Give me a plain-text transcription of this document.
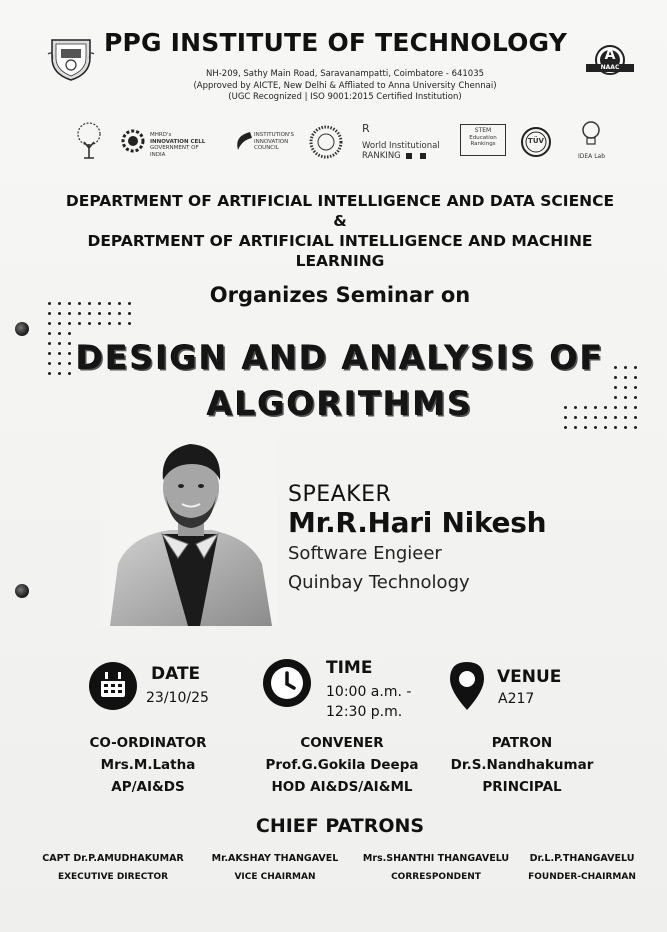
PPG INSTITUTE OF TECHNOLOGY
NH-209, Sathy Main Road, Saravanampatti, Coimbatore - 641035
(Approved by AICTE, New Delhi & Affliated to Anna University Chennai)
(UGC Recognized | ISO 9001:2015 Certified Institution)
A
NAAC
MHRD's
INNOVATION CELL
GOVERNMENT OF INDIA
INSTITUTION'S
INNOVATION
COUNCIL
R
World Institutional
RANKING
STEM
Education
Rankings	TÜV
IDEA Lab
DEPARTMENT OF ARTIFICIAL INTELLIGENCE AND DATA SCIENCE
&
DEPARTMENT OF ARTIFICIAL INTELLIGENCE AND MACHINE
LEARNING
Organizes Seminar on
DESIGN AND ANALYSIS OF
ALGORITHMS
SPEAKER
Mr.R.Hari Nikesh
Software Engieer
Quinbay Technology
DATE
23/10/25
TIME
10:00 a.m. -
12:30 p.m.
VENUE
A217
CO-ORDINATOR
Mrs.M.Latha
AP/AI&DS
CONVENER
Prof.G.Gokila Deepa
HOD AI&DS/AI&ML
PATRON
Dr.S.Nandhakumar
PRINCIPAL
CHIEF PATRONS
CAPT Dr.P.AMUDHAKUMAR
EXECUTIVE DIRECTOR
Mr.AKSHAY THANGAVEL
VICE CHAIRMAN
Mrs.SHANTHI THANGAVELU
CORRESPONDENT
Dr.L.P.THANGAVELU
FOUNDER-CHAIRMAN
